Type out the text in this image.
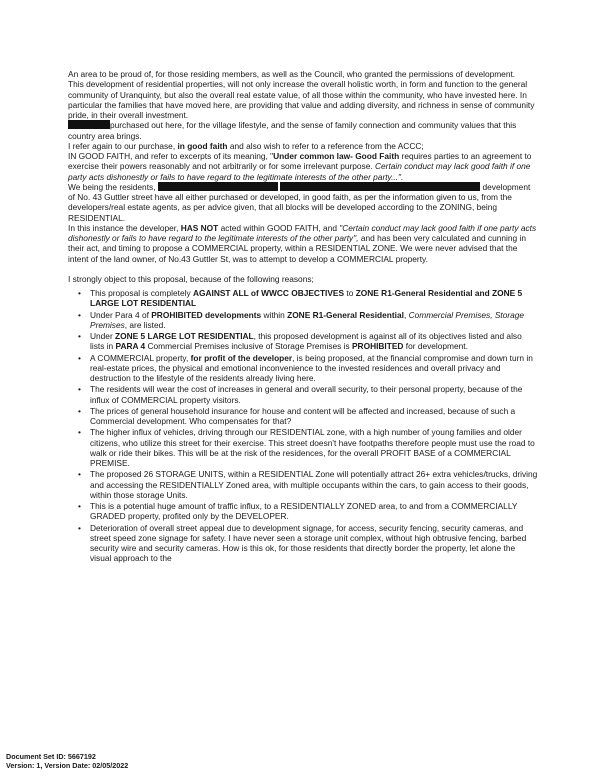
An area to be proud of, for those residing members, as well as the Council, who granted the permissions of development.

This development of residential properties, will not only increase the overall holistic worth, in form and function to the general community of Uranquinty, but also the overall real estate value, of all those within the community, who have invested here. In particular the families that have moved here, are providing that value and adding diversity, and richness in sense of community pride, in their overall investment.

purchased out here, for the village lifestyle, and the sense of family connection and community values that this country area brings.

I refer again to our purchase, in good faith and also wish to refer to a reference from the ACCC;

IN GOOD FAITH, and refer to excerpts of its meaning, "Under common law- Good Faith requires parties to an agreement to exercise their powers reasonably and not arbitrarily or for some irrelevant purpose. Certain conduct may lack good faith if one party acts dishonestly or fails to have regard to the legitimate interests of the other party...".

We being the residents,	development of No. 43 Guttler street have all either purchased or developed, in good faith, as per the information given to us, from the developers/real estate agents, as per advice given, that all blocks will be developed according to the ZONING, being RESIDENTIAL.

In this instance the developer, HAS NOT acted within GOOD FAITH, and "Certain conduct may lack good faith if one party acts dishonestly or fails to have regard to the legitimate interests of the other party", and has been very calculated and cunning in their act, and timing to propose a COMMERCIAL property, within a RESIDENTIAL ZONE. We were never advised that the intent of the land owner, of No.43 Guttler St, was to attempt to develop a COMMERCIAL property.

I strongly object to this proposal, because of the following reasons;

• This proposal is completely AGAINST ALL of WWCC OBJECTIVES to ZONE R1-General Residential and ZONE 5 LARGE LOT RESIDENTIAL
• Under Para 4 of PROHIBITED developments within ZONE R1-General Residential, Commercial Premises, Storage Premises, are listed.
• Under ZONE 5 LARGE LOT RESIDENTIAL, this proposed development is against all of its objectives listed and also lists in PARA 4 Commercial Premises inclusive of Storage Premises is PROHIBITED for development.
• A COMMERCIAL property, for profit of the developer, is being proposed, at the financial compromise and down turn in real-estate prices, the physical and emotional inconvenience to the invested residences and overall privacy and destruction to the lifestyle of the residents already living here.
• The residents will wear the cost of increases in general and overall security, to their personal property, because of the influx of COMMERCIAL property visitors.
• The prices of general household insurance for house and content will be affected and increased, because of such a Commercial development. Who compensates for that?
• The higher influx of vehicles, driving through our RESIDENTIAL zone, with a high number of young families and older citizens, who utilize this street for their exercise. This street doesn't have footpaths therefore people must use the road to walk or ride their bikes. This will be at the risk of the residences, for the overall PROFIT BASE of a COMMERCIAL PREMISE.
• The proposed 26 STORAGE UNITS, within a RESIDENTIAL Zone will potentially attract 26+ extra vehicles/trucks, driving and accessing the RESIDENTIALLY Zoned area, with multiple occupants within the cars, to gain access to their goods, within those storage Units.
• This is a potential huge amount of traffic influx, to a RESIDENTIALLY ZONED area, to and from a COMMERCIALLY GRADED property, profited only by the DEVELOPER.
• Deterioration of overall street appeal due to development signage, for access, security fencing, security cameras, and street speed zone signage for safety. I have never seen a storage unit complex, without high obtrusive fencing, barbed security wire and security cameras. How is this ok, for those residents that directly border the property, let alone the visual approach to the
Document Set ID: 5667192
Version: 1, Version Date: 02/05/2022
